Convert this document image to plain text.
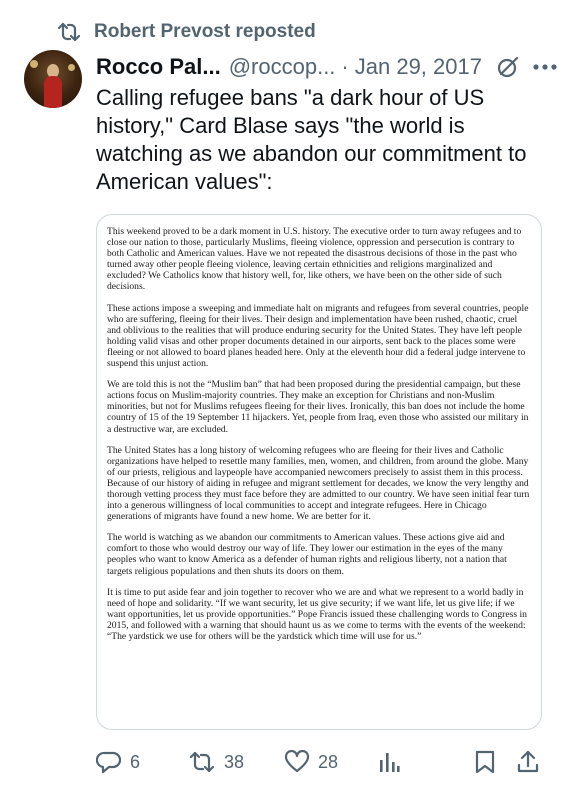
Robert Prevost reposted
Rocco Pal... @roccop... · Jan 29, 2017
Calling refugee bans "a dark hour of US history," Card Blase says "the world is watching as we abandon our commitment to American values":

This weekend proved to be a dark moment in U.S. history. The executive order to turn away refugees and to close our nation to those, particularly Muslims, fleeing violence, oppression and persecution is contrary to both Catholic and American values. Have we not repeated the disastrous decisions of those in the past who turned away other people fleeing violence, leaving certain ethnicities and religions marginalized and excluded? We Catholics know that history well, for, like others, we have been on the other side of such decisions.

These actions impose a sweeping and immediate halt on migrants and refugees from several countries, people who are suffering, fleeing for their lives. Their design and implementation have been rushed, chaotic, cruel and oblivious to the realities that will produce enduring security for the United States. They have left people holding valid visas and other proper documents detained in our airports, sent back to the places some were fleeing or not allowed to board planes headed here. Only at the eleventh hour did a federal judge intervene to suspend this unjust action.

We are told this is not the “Muslim ban” that had been proposed during the presidential campaign, but these actions focus on Muslim-majority countries. They make an exception for Christians and non-Muslim minorities, but not for Muslims refugees fleeing for their lives. Ironically, this ban does not include the home country of 15 of the 19 September 11 hijackers. Yet, people from Iraq, even those who assisted our military in a destructive war, are excluded.

The United States has a long history of welcoming refugees who are fleeing for their lives and Catholic organizations have helped to resettle many families, men, women, and children, from around the globe. Many of our priests, religious and laypeople have accompanied newcomers precisely to assist them in this process. Because of our history of aiding in refugee and migrant settlement for decades, we know the very lengthy and thorough vetting process they must face before they are admitted to our country. We have seen initial fear turn into a generous willingness of local communities to accept and integrate refugees. Here in Chicago generations of migrants have found a new home. We are better for it.

The world is watching as we abandon our commitments to American values. These actions give aid and comfort to those who would destroy our way of life. They lower our estimation in the eyes of the many peoples who want to know America as a defender of human rights and religious liberty, not a nation that targets religious populations and then shuts its doors on them.

It is time to put aside fear and join together to recover who we are and what we represent to a world badly in need of hope and solidarity. “If we want security, let us give security; if we want life, let us give life; if we want opportunities, let us provide opportunities.” Pope Francis issued these challenging words to Congress in 2015, and followed with a warning that should haunt us as we come to terms with the events of the weekend: “The yardstick we use for others will be the yardstick which time will use for us.”

6	38	28
